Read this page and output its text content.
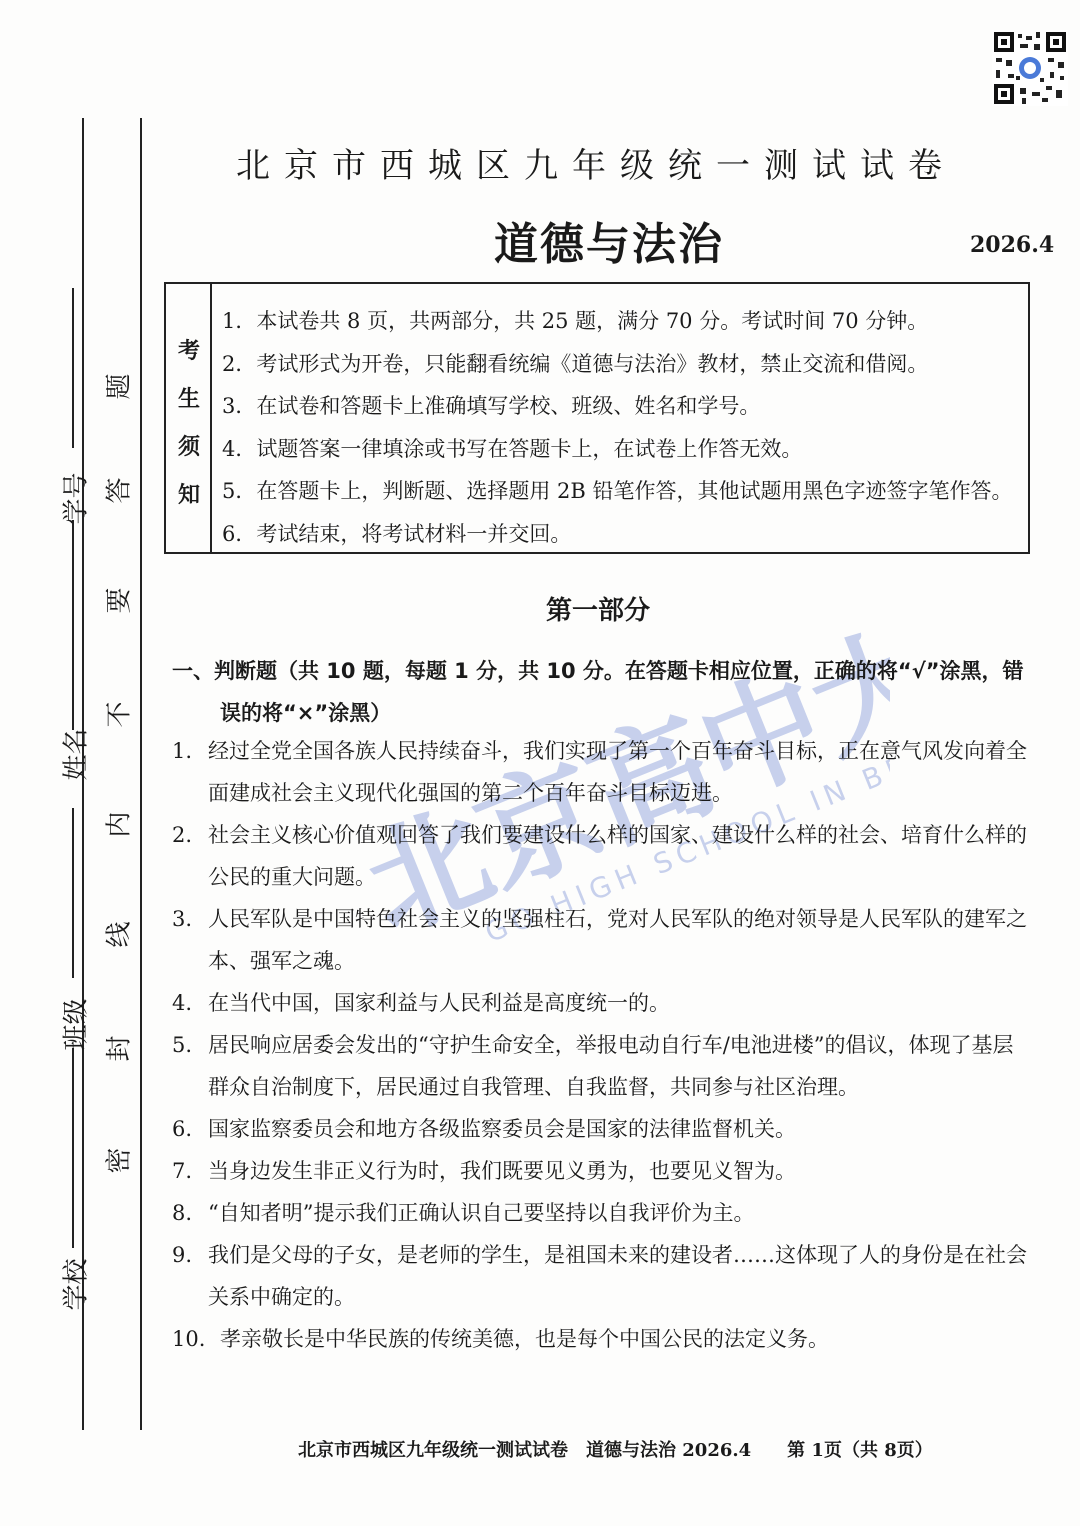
学号
姓名
班级
学校
题
答
要
不
内
线
封
密
北京高中大学
GO HIGH SCHOOL IN BEIJING
北京市西城区九年级统一测试试卷
道德与法治	2026.4
考
生
须
知
1．本试卷共 8 页，共两部分，共 25 题，满分 70 分。考试时间 70 分钟。
2．考试形式为开卷，只能翻看统编《道德与法治》教材，禁止交流和借阅。
3．在试卷和答题卡上准确填写学校、班级、姓名和学号。
4．试题答案一律填涂或书写在答题卡上，在试卷上作答无效。
5．在答题卡上，判断题、选择题用 2B 铅笔作答，其他试题用黑色字迹签字笔作答。
6．考试结束，将考试材料一并交回。
第一部分
一、判断题（共 10 题，每题 1 分，共 10 分。在答题卡相应位置，正确的将“√”涂黑，错
误的将“×”涂黑）
1. 经过全党全国各族人民持续奋斗，我们实现了第一个百年奋斗目标，正在意气风发向着全面建成社会主义现代化强国的第二个百年奋斗目标迈进。
2. 社会主义核心价值观回答了我们要建设什么样的国家、建设什么样的社会、培育什么样的公民的重大问题。
3. 人民军队是中国特色社会主义的坚强柱石，党对人民军队的绝对领导是人民军队的建军之本、强军之魂。
4. 在当代中国，国家利益与人民利益是高度统一的。
5. 居民响应居委会发出的“守护生命安全，举报电动自行车/电池进楼”的倡议，体现了基层群众自治制度下，居民通过自我管理、自我监督，共同参与社区治理。
6. 国家监察委员会和地方各级监察委员会是国家的法律监督机关。
7. 当身边发生非正义行为时，我们既要见义勇为，也要见义智为。
8. “自知者明”提示我们正确认识自己要坚持以自我评价为主。
9. 我们是父母的子女，是老师的学生，是祖国未来的建设者……这体现了人的身份是在社会关系中确定的。
10. 孝亲敬长是中华民族的传统美德，也是每个中国公民的法定义务。
北京市西城区九年级统一测试试卷　道德与法治 2026.4　　第 1页（共 8页）
